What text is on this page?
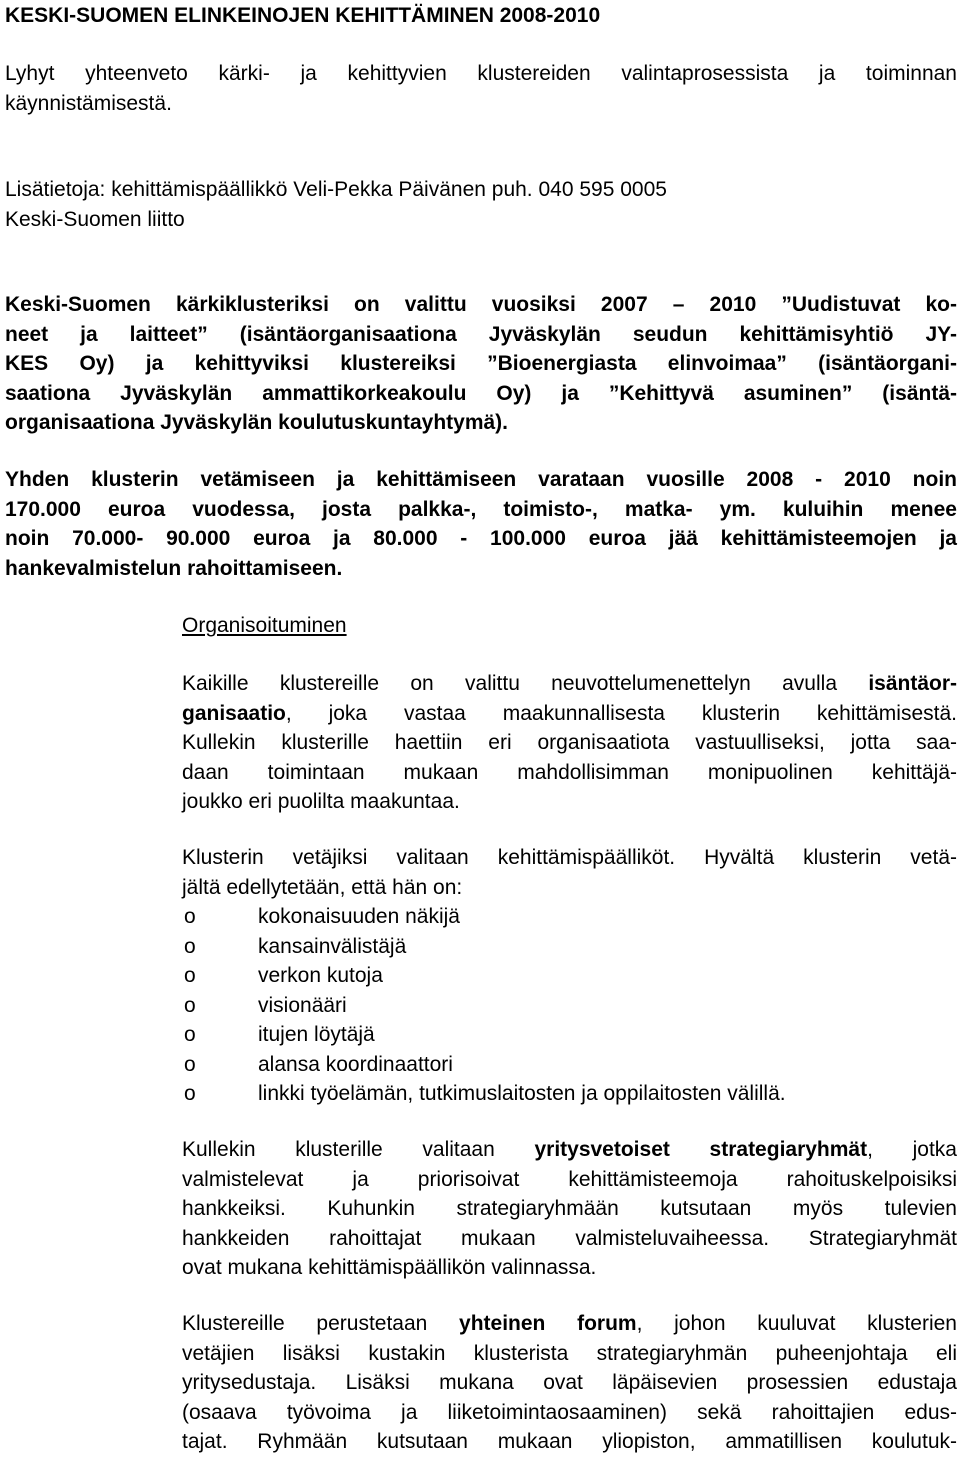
KESKI-SUOMEN ELINKEINOJEN KEHITTÄMINEN 2008-2010
Lyhyt yhteenveto kärki- ja kehittyvien klustereiden valintaprosessista ja toiminnan
käynnistämisestä.
Lisätietoja: kehittämispäällikkö Veli-Pekka Päivänen puh. 040 595 0005
Keski-Suomen liitto
Keski-Suomen kärkiklusteriksi on valittu vuosiksi 2007 – 2010 ”Uudistuvat ko-
neet ja laitteet” (isäntäorganisaationa Jyväskylän seudun kehittämisyhtiö JY-
KES Oy) ja kehittyviksi klustereiksi ”Bioenergiasta elinvoimaa” (isäntäorgani-
saationa Jyväskylän ammattikorkeakoulu Oy) ja ”Kehittyvä asuminen” (isäntä-
organisaationa Jyväskylän koulutuskuntayhtymä).
Yhden klusterin vetämiseen ja kehittämiseen varataan vuosille 2008 - 2010 noin
170.000 euroa vuodessa, josta palkka-, toimisto-, matka- ym. kuluihin menee
noin 70.000- 90.000 euroa ja 80.000 - 100.000 euroa jää kehittämisteemojen ja
hankevalmistelun rahoittamiseen.
Organisoituminen
Kaikille klustereille on valittu neuvottelumenettelyn avulla isäntäor-
ganisaatio, joka vastaa maakunnallisesta klusterin kehittämisestä.
Kullekin klusterille haettiin eri organisaatiota vastuulliseksi, jotta saa-
daan toimintaan mukaan mahdollisimman monipuolinen kehittäjä-
joukko eri puolilta maakuntaa.
Klusterin vetäjiksi valitaan kehittämispäälliköt. Hyvältä klusterin vetä-
jältä edellytetään, että hän on:
o	kokonaisuuden näkijä
o	kansainvälistäjä
o	verkon kutoja
o	visionääri
o	itujen löytäjä
o	alansa koordinaattori
o	linkki työelämän, tutkimuslaitosten ja oppilaitosten välillä.
Kullekin klusterille valitaan yritysvetoiset strategiaryhmät, jotka
valmistelevat ja priorisoivat kehittämisteemoja rahoituskelpoisiksi
hankkeiksi. Kuhunkin strategiaryhmään kutsutaan myös tulevien
hankkeiden rahoittajat mukaan valmisteluvaiheessa. Strategiaryhmät
ovat mukana kehittämispäällikön valinnassa.
Klustereille perustetaan yhteinen forum, johon kuuluvat klusterien
vetäjien lisäksi kustakin klusterista strategiaryhmän puheenjohtaja eli
yritysedustaja. Lisäksi mukana ovat läpäisevien prosessien edustaja
(osaava työvoima ja liiketoimintaosaaminen) sekä rahoittajien edus-
tajat. Ryhmään kutsutaan mukaan yliopiston, ammatillisen koulutuk-
